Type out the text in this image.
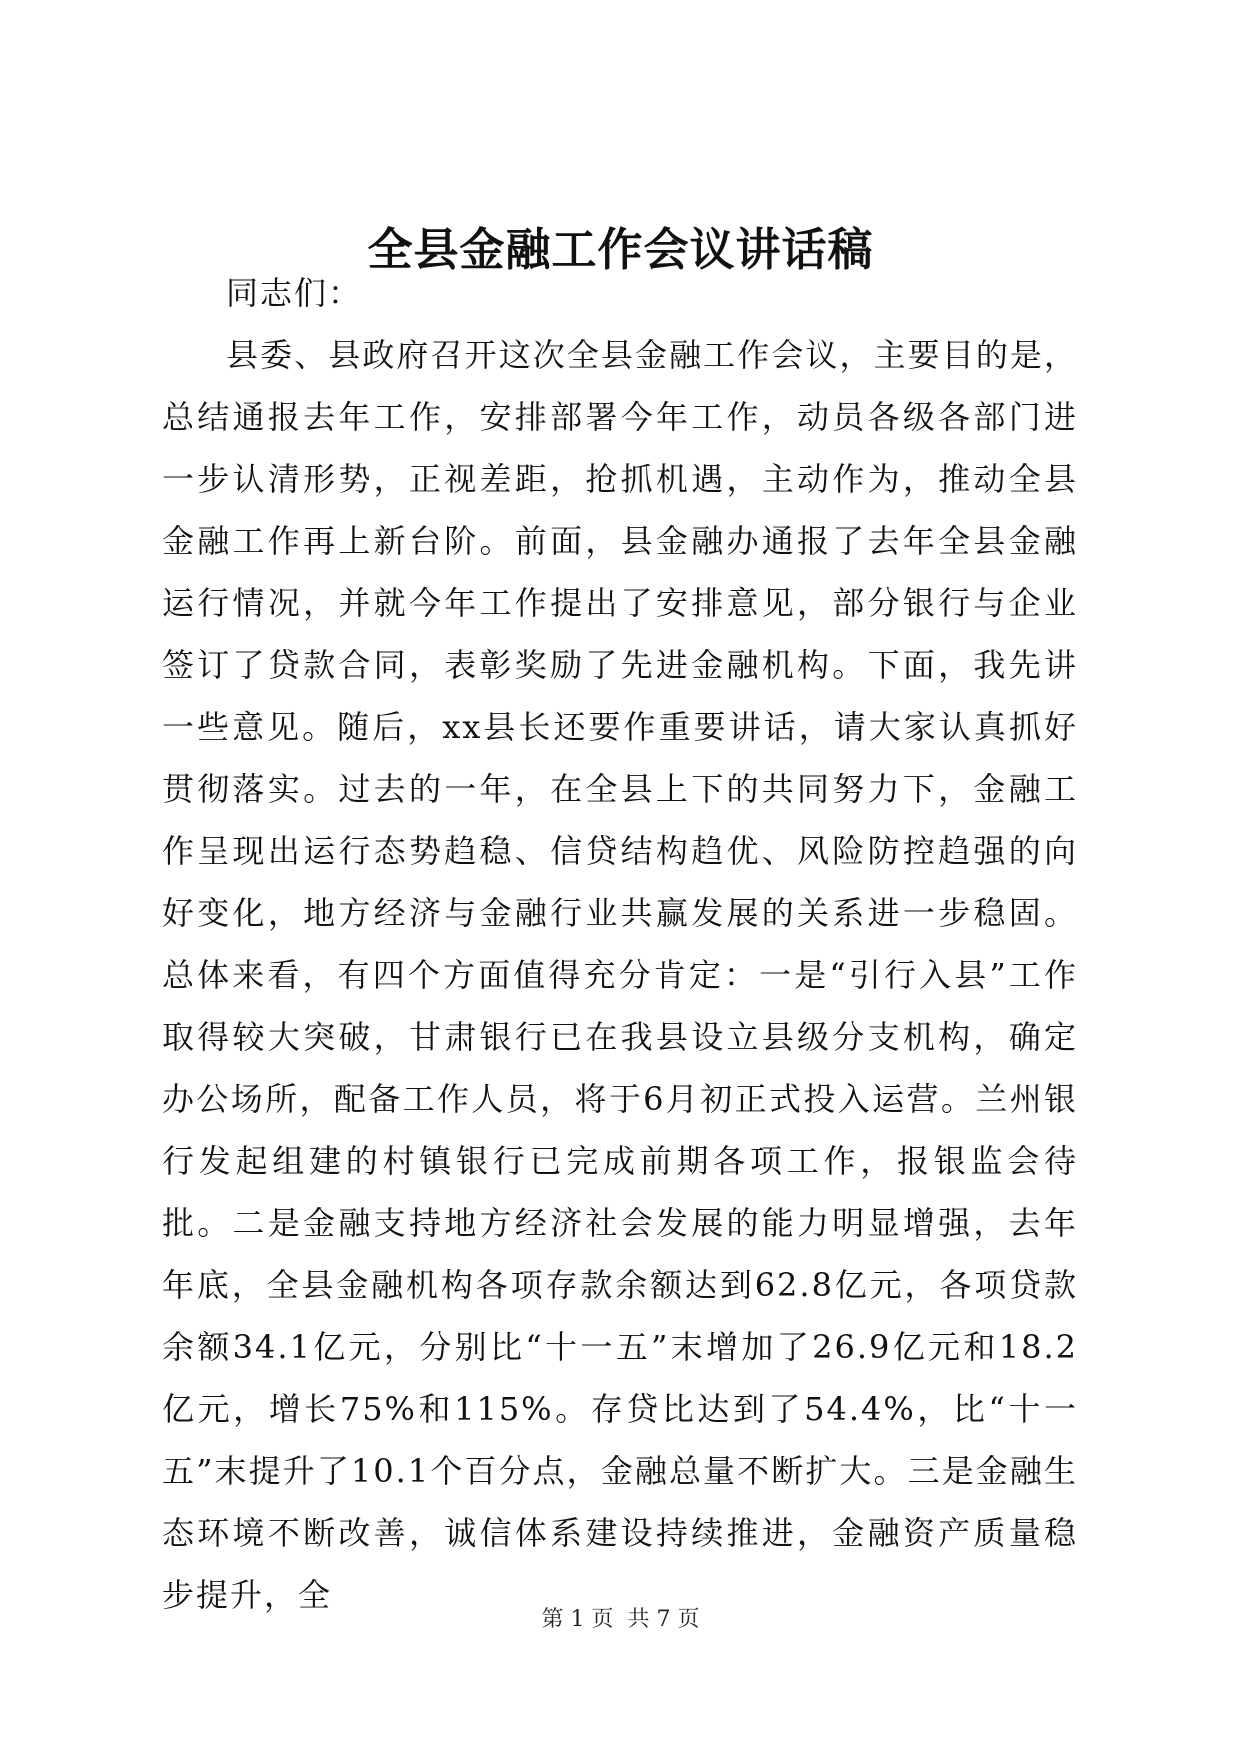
全县金融工作会议讲话稿

同志们：

县委、县政府召开这次全县金融工作会议，主要目的是，总结通报去年工作，安排部署今年工作，动员各级各部门进一步认清形势，正视差距，抢抓机遇，主动作为，推动全县金融工作再上新台阶。前面，县金融办通报了去年全县金融运行情况，并就今年工作提出了安排意见，部分银行与企业签订了贷款合同，表彰奖励了先进金融机构。下面，我先讲一些意见。随后，xx县长还要作重要讲话，请大家认真抓好贯彻落实。过去的一年，在全县上下的共同努力下，金融工作呈现出运行态势趋稳、信贷结构趋优、风险防控趋强的向好变化，地方经济与金融行业共赢发展的关系进一步稳固。总体来看，有四个方面值得充分肯定：一是“引行入县”工作取得较大突破，甘肃银行已在我县设立县级分支机构，确定办公场所，配备工作人员，将于6月初正式投入运营。兰州银行发起组建的村镇银行已完成前期各项工作，报银监会待批。二是金融支持地方经济社会发展的能力明显增强，去年年底，全县金融机构各项存款余额达到62.8亿元，各项贷款余额34.1亿元，分别比“十一五”末增加了26.9亿元和18.2亿元，增长75%和115%。存贷比达到了54.4%，比“十一五”末提升了10.1个百分点，金融总量不断扩大。三是金融生态环境不断改善，诚信体系建设持续推进，金融资产质量稳步提升，全

第 1 页  共 7 页
